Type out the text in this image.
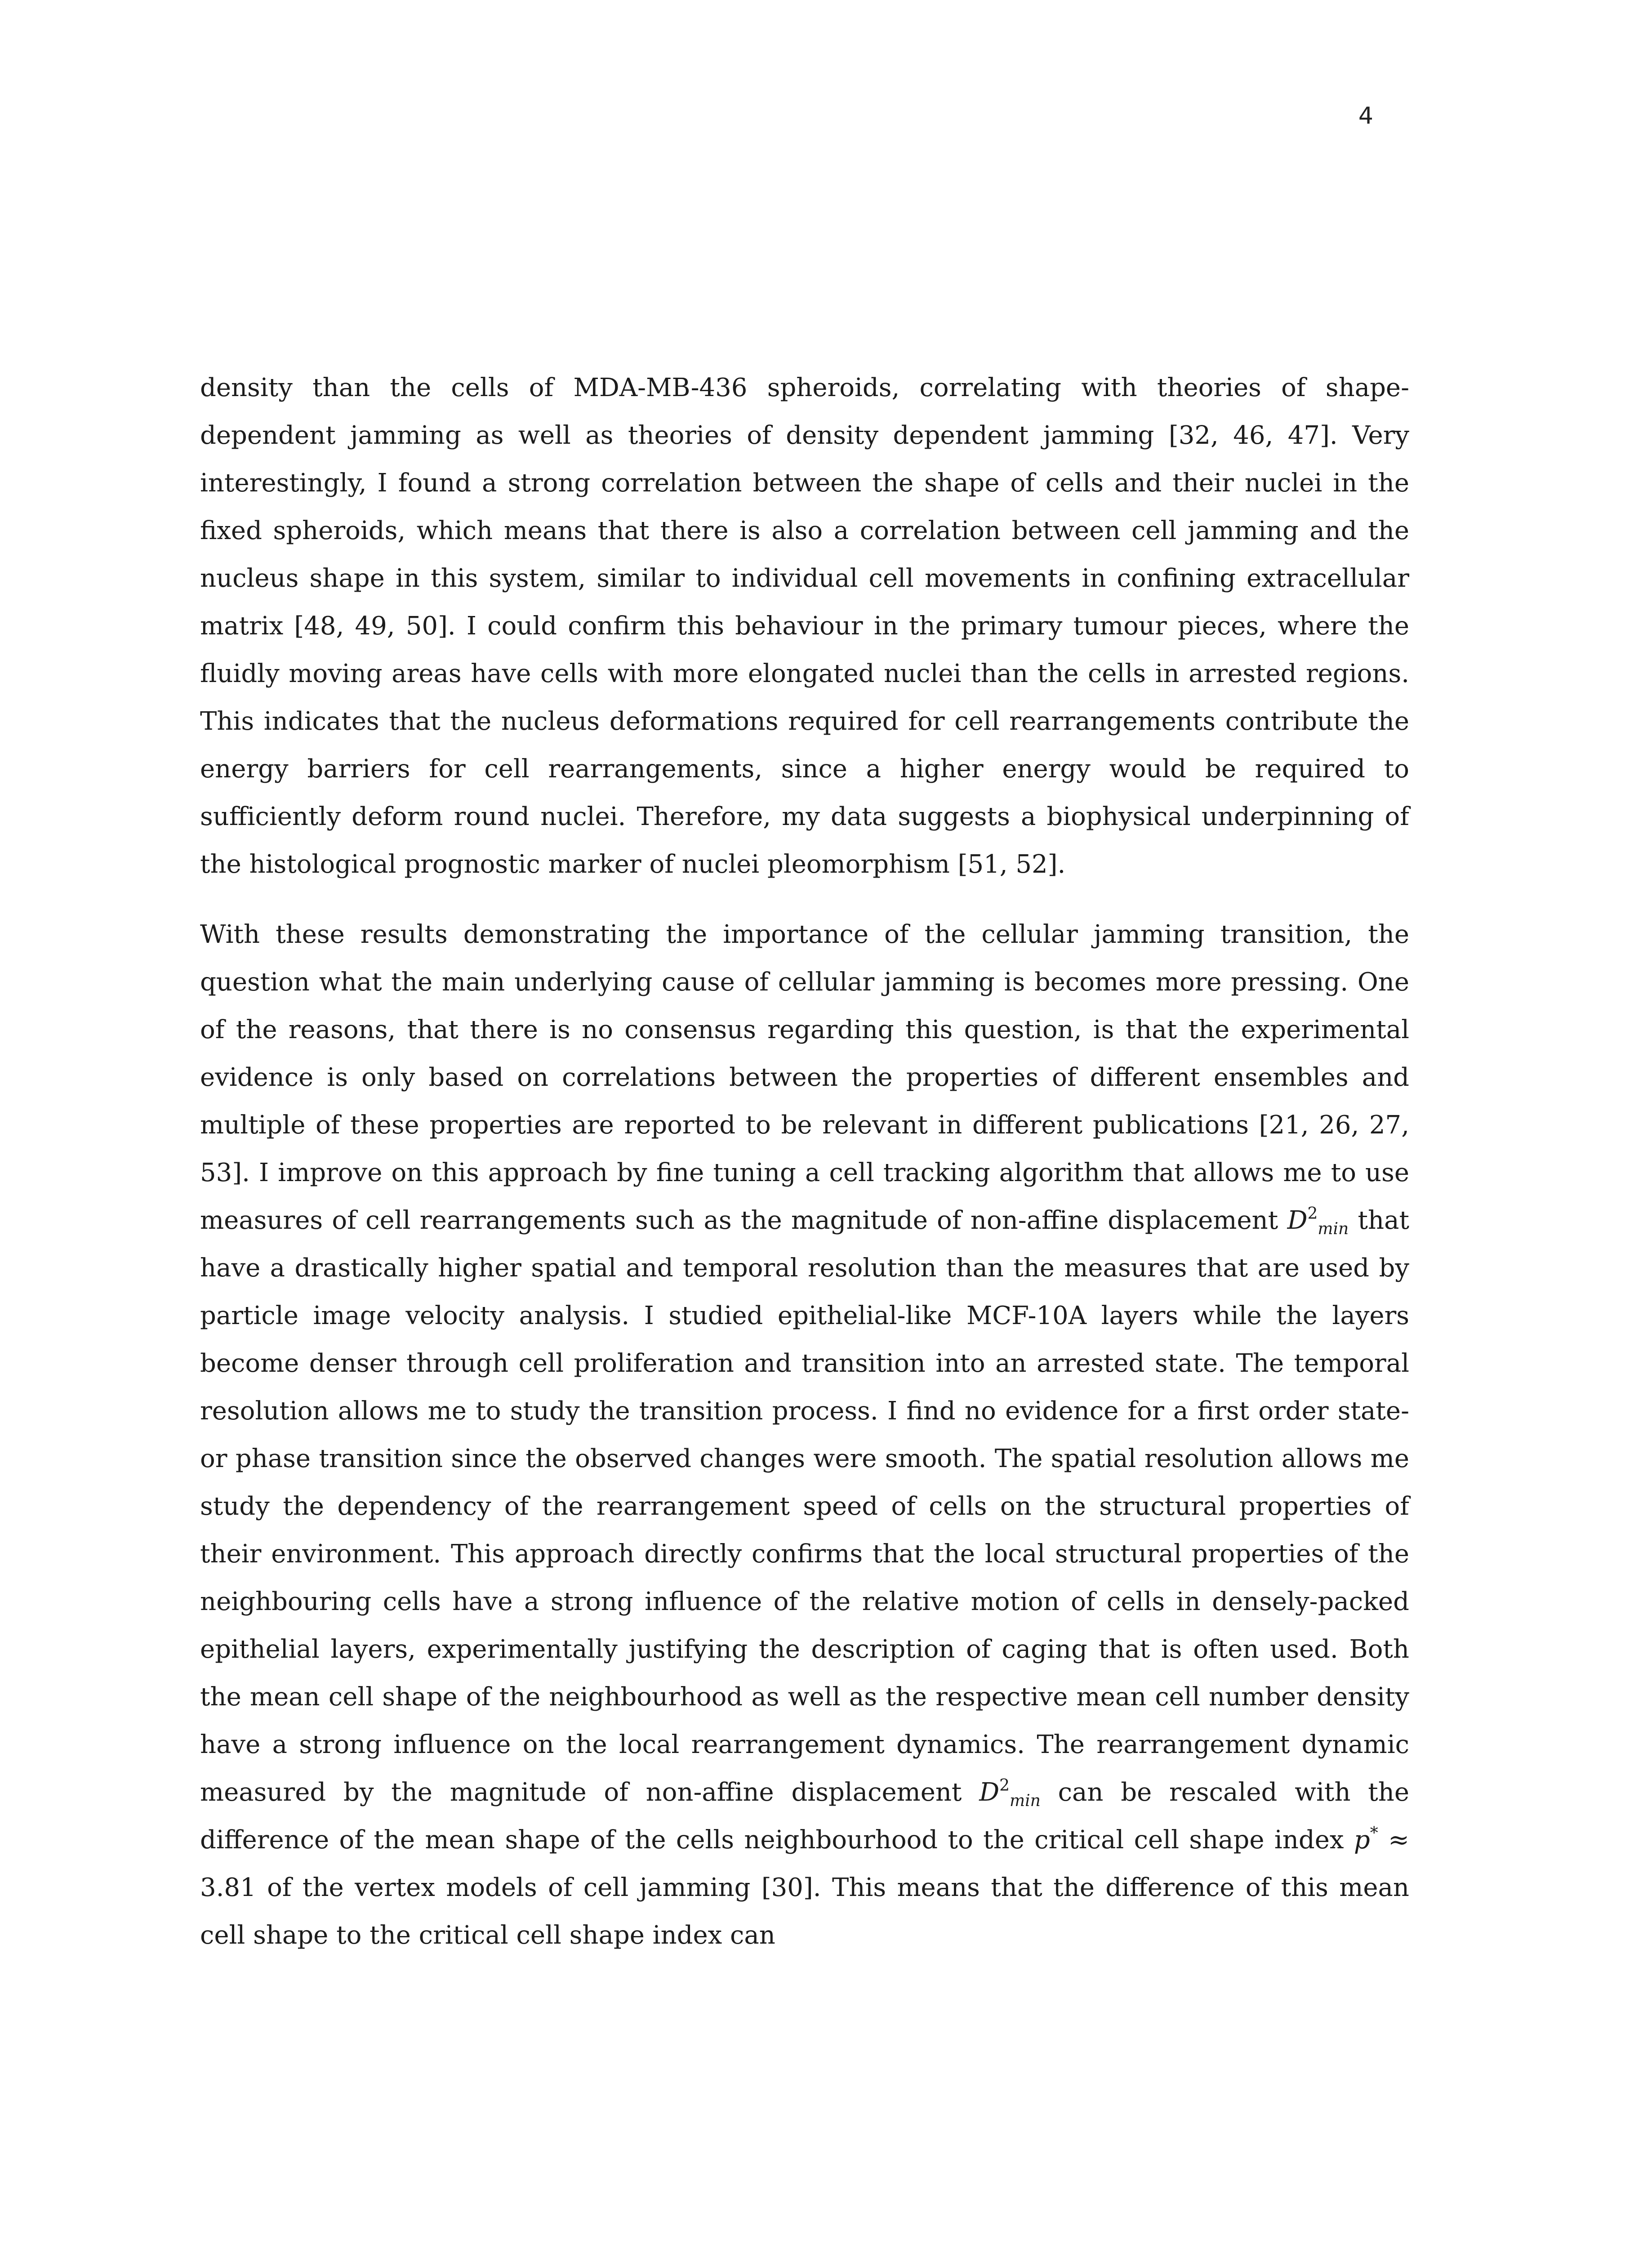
4

density than the cells of MDA-MB-436 spheroids, correlating with theories of shape-dependent jamming as well as theories of density dependent jamming [32, 46, 47]. Very interestingly, I found a strong correlation between the shape of cells and their nuclei in the fixed spheroids, which means that there is also a correlation between cell jamming and the nucleus shape in this system, similar to individual cell movements in confining extracellular matrix [48, 49, 50]. I could confirm this behaviour in the primary tumour pieces, where the fluidly moving areas have cells with more elongated nuclei than the cells in arrested regions. This indicates that the nucleus deformations required for cell rearrangements contribute the energy barriers for cell rearrangements, since a higher energy would be required to sufficiently deform round nuclei. Therefore, my data suggests a biophysical underpinning of the histological prognostic marker of nuclei pleomorphism [51, 52].

With these results demonstrating the importance of the cellular jamming transition, the question what the main underlying cause of cellular jamming is becomes more pressing. One of the reasons, that there is no consensus regarding this question, is that the experimental evidence is only based on correlations between the properties of different ensembles and multiple of these properties are reported to be relevant in different publications [21, 26, 27, 53]. I improve on this approach by fine tuning a cell tracking algorithm that allows me to use measures of cell rearrangements such as the magnitude of non-affine displacement $D^2_{min}$ that have a drastically higher spatial and temporal resolution than the measures that are used by particle image velocity analysis. I studied epithelial-like MCF-10A layers while the layers become denser through cell proliferation and transition into an arrested state. The temporal resolution allows me to study the transition process. I find no evidence for a first order state- or phase transition since the observed changes were smooth. The spatial resolution allows me study the dependency of the rearrangement speed of cells on the structural properties of their environment. This approach directly confirms that the local structural properties of the neighbouring cells have a strong influence of the relative motion of cells in densely-packed epithelial layers, experimentally justifying the description of caging that is often used. Both the mean cell shape of the neighbourhood as well as the respective mean cell number density have a strong influence on the local rearrangement dynamics. The rearrangement dynamic measured by the magnitude of non-affine displacement $D^2_{min}$ can be rescaled with the difference of the mean shape of the cells neighbourhood to the critical cell shape index p* ≈ 3.81 of the vertex models of cell jamming [30]. This means that the difference of this mean cell shape to the critical cell shape index can
